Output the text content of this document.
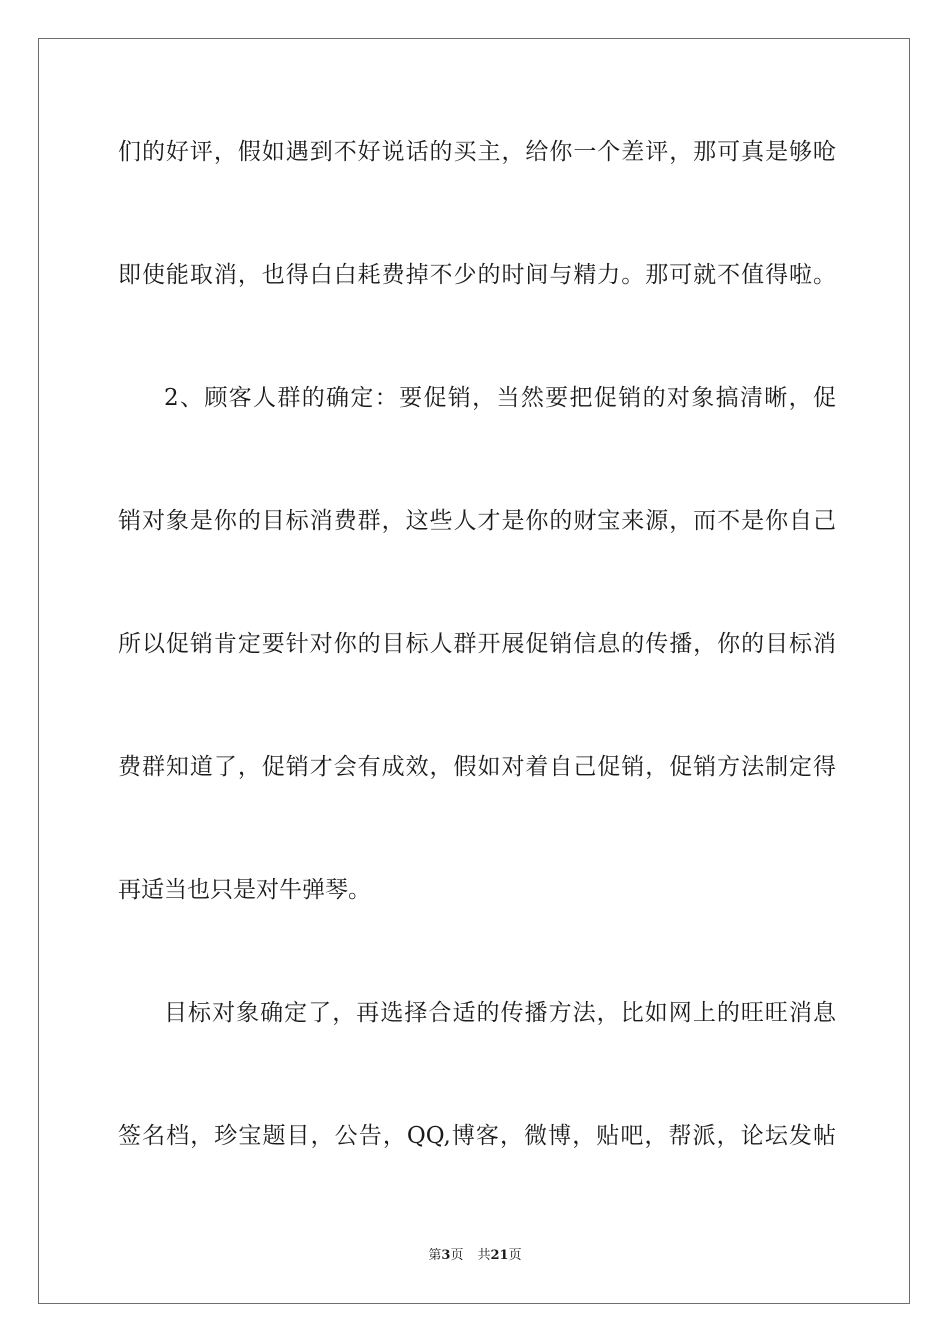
们的好评，假如遇到不好说话的买主，给你一个差评，那可真是够呛

即使能取消，也得白白耗费掉不少的时间与精力。那可就不值得啦。

2、顾客人群的确定：要促销，当然要把促销的对象搞清晰，促

销对象是你的目标消费群，这些人才是你的财宝来源，而不是你自己

所以促销肯定要针对你的目标人群开展促销信息的传播，你的目标消

费群知道了，促销才会有成效，假如对着自己促销，促销方法制定得

再适当也只是对牛弹琴。

目标对象确定了，再选择合适的传播方法，比如网上的旺旺消息

签名档，珍宝题目，公告，QQ,博客，微博，贴吧，帮派，论坛发帖

第3页 共21页
